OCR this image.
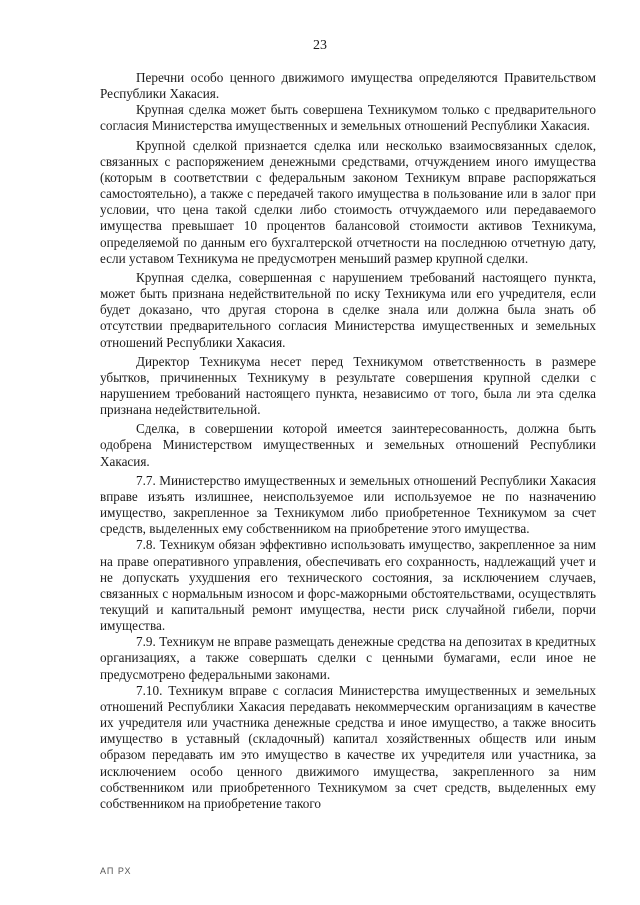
23

Перечни особо ценного движимого имущества определяются Правительством Республики Хакасия.

Крупная сделка может быть совершена Техникумом только с предварительного согласия Министерства имущественных и земельных отношений Республики Хакасия.

Крупной сделкой признается сделка или несколько взаимосвязанных сделок, связанных с распоряжением денежными средствами, отчуждением иного имущества (которым в соответствии с федеральным законом Техникум вправе распоряжаться самостоятельно), а также с передачей такого имущества в пользование или в залог при условии, что цена такой сделки либо стоимость отчуждаемого или передаваемого имущества превышает 10 процентов балансовой стоимости активов Техникума, определяемой по данным его бухгалтерской отчетности на последнюю отчетную дату, если уставом Техникума не предусмотрен меньший размер крупной сделки.

Крупная сделка, совершенная с нарушением требований настоящего пункта, может быть признана недействительной по иску Техникума или его учредителя, если будет доказано, что другая сторона в сделке знала или должна была знать об отсутствии предварительного согласия Министерства имущественных и земельных отношений Республики Хакасия.

Директор Техникума несет перед Техникумом ответственность в размере убытков, причиненных Техникуму в результате совершения крупной сделки с нарушением требований настоящего пункта, независимо от того, была ли эта сделка признана недействительной.

Сделка, в совершении которой имеется заинтересованность, должна быть одобрена Министерством имущественных и земельных отношений Республики Хакасия.

7.7. Министерство имущественных и земельных отношений Республики Хакасия вправе изъять излишнее, неиспользуемое или используемое не по назначению имущество, закрепленное за Техникумом либо приобретенное Техникумом за счет средств, выделенных ему собственником на приобретение этого имущества.

7.8. Техникум обязан эффективно использовать имущество, закрепленное за ним на праве оперативного управления, обеспечивать его сохранность, надлежащий учет и не допускать ухудшения его технического состояния, за исключением случаев, связанных с нормальным износом и форс-мажорными обстоятельствами, осуществлять текущий и капитальный ремонт имущества, нести риск случайной гибели, порчи имущества.

7.9. Техникум не вправе размещать денежные средства на депозитах в кредитных организациях, а также совершать сделки с ценными бумагами, если иное не предусмотрено федеральными законами.

7.10. Техникум вправе с согласия Министерства имущественных и земельных отношений Республики Хакасия передавать некоммерческим организациям в качестве их учредителя или участника денежные средства и иное имущество, а также вносить имущество в уставный (складочный) капитал хозяйственных обществ или иным образом передавать им это имущество в качестве их учредителя или участника, за исключением особо ценного движимого имущества, закрепленного за ним собственником или приобретенного Техникумом за счет средств, выделенных ему собственником на приобретение такого

АП РХ
